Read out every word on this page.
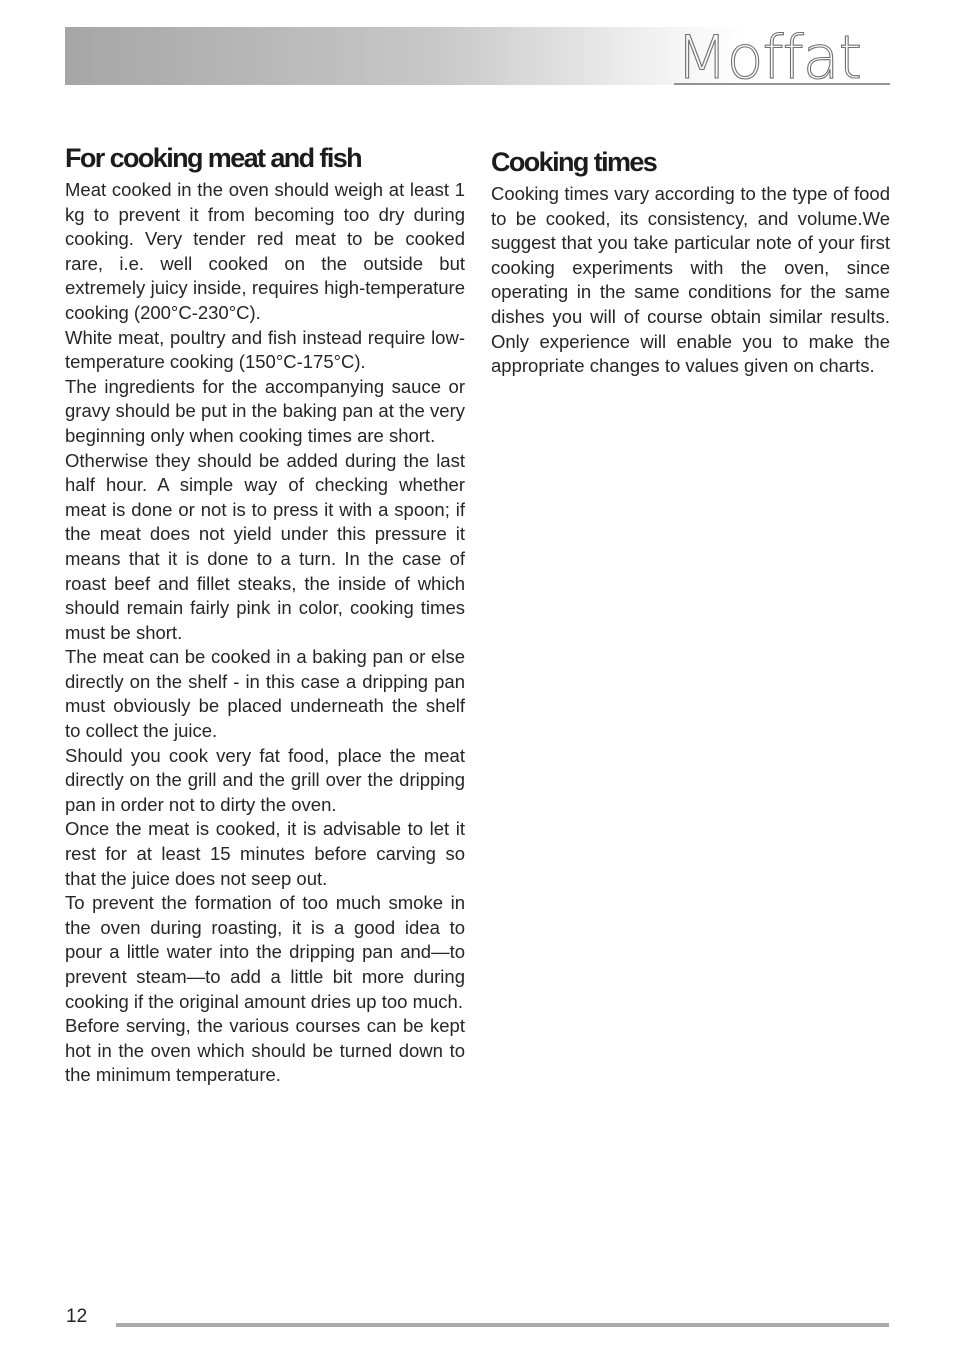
Moffat
For cooking meat and fish

Meat cooked in the oven should weigh at least 1 kg to prevent it from becoming too dry during cooking. Very tender red meat to be cooked rare, i.e. well cooked on the outside but extremely juicy inside, requires high-temperature cooking (200°C-230°C).

White meat, poultry and fish instead require low-temperature cooking (150°C-175°C).

The ingredients for the accompanying sauce or gravy should be put in the baking pan at the very beginning only when cooking times are short.

Otherwise they should be added during the last half hour. A simple way of checking whether meat is done or not is to press it with a spoon; if the meat does not yield under this pressure it means that it is done to a turn. In the case of roast beef and fillet steaks, the inside of which should remain fairly pink in color, cooking times must be short.

The meat can be cooked in a baking pan or else directly on the shelf - in this case a dripping pan must obviously be placed underneath the shelf to collect the juice.

Should you cook very fat food, place the meat directly on the grill and the grill over the dripping pan in order not to dirty the oven.

Once the meat is cooked, it is advisable to let it rest for at least 15 minutes before carving so that the juice does not seep out.

To prevent the formation of too much smoke in the oven during roasting, it is a good idea to pour a little water into the dripping pan and—to prevent steam—to add a little bit more during cooking if the original amount dries up too much.

Before serving, the various courses can be kept hot in the oven which should be turned down to the minimum temperature.

Cooking times

Cooking times vary according to the type of food to be cooked, its consistency, and volume.We suggest that you take particular note of your first cooking experiments with the oven, since operating in the same conditions for the same dishes you will of course obtain similar results. Only experience will enable you to make the appropriate changes to values given on charts.

12
